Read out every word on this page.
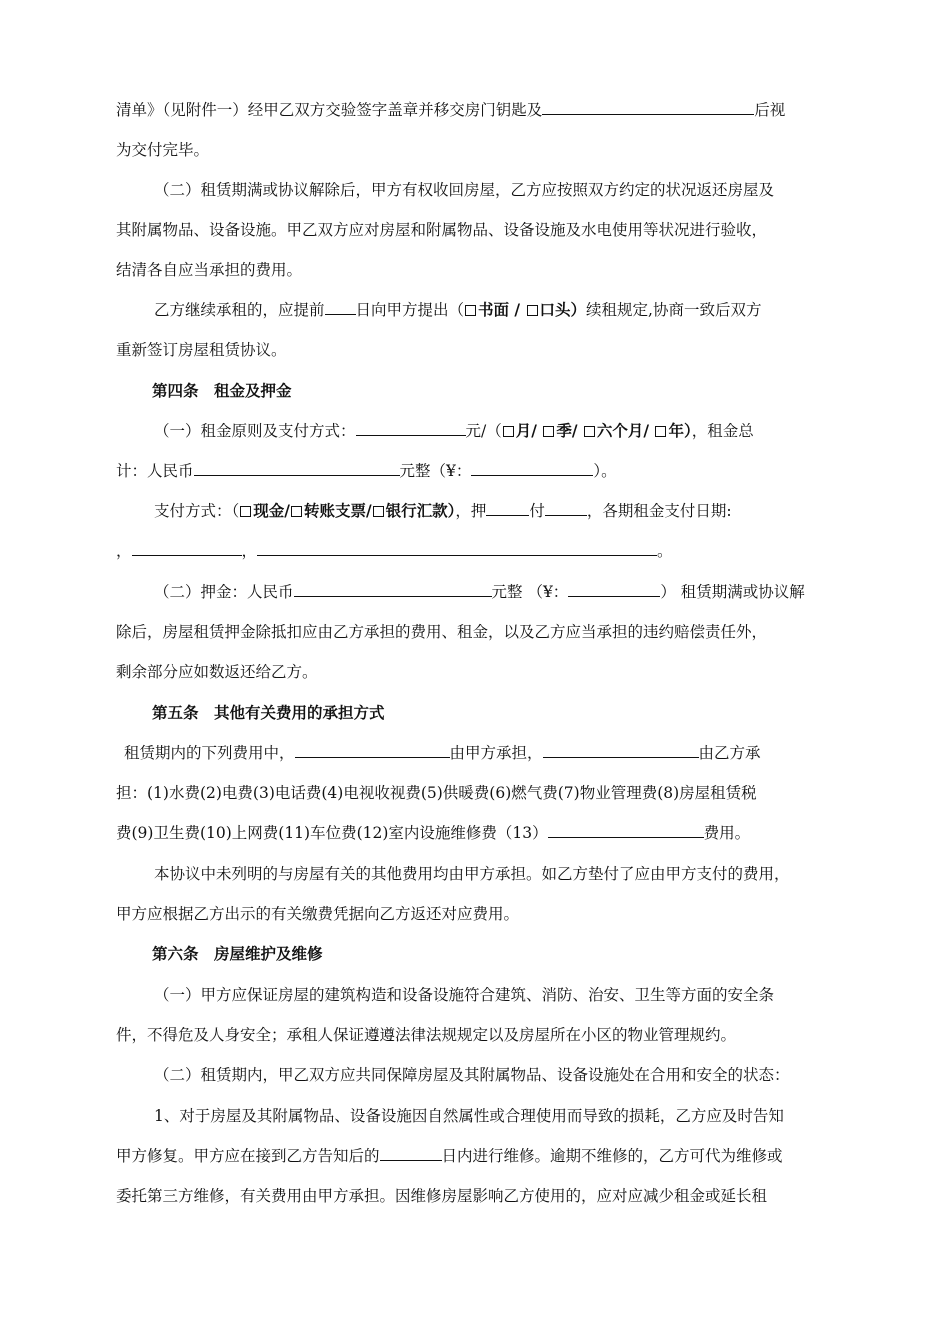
清单》（见附件一）经甲乙双方交验签字盖章并移交房门钥匙及	后视
为交付完毕。
（二）租赁期满或协议解除后，甲方有权收回房屋，乙方应按照双方约定的状况返还房屋及
其附属物品、设备设施。甲乙双方应对房屋和附属物品、设备设施及水电使用等状况进行验收，
结清各自应当承担的费用。
乙方继续承租的，应提前 日向甲方提出（ 书面 / 口头）续租规定,协商一致后双方
重新签订房屋租赁协议。
第四条　租金及押金
（一）租金原则及支付方式：	元/（ 月/ 季/ 六个月/ 年），租金总
计：人民币	元整（¥：	）。
支付方式：（ 现金/ 转账支票/ 银行汇款），押	付	，各期租金支付日期:
，	，	。
（二）押金：人民币	元整 （¥：	） 租赁期满或协议解
除后，房屋租赁押金除抵扣应由乙方承担的费用、租金，以及乙方应当承担的违约赔偿责任外，
剩余部分应如数返还给乙方。
第五条　其他有关费用的承担方式
租赁期内的下列费用中，	由甲方承担，	由乙方承
担：(1)水费(2)电费(3)电话费(4)电视收视费(5)供暖费(6)燃气费(7)物业管理费(8)房屋租赁税
费(9)卫生费(10)上网费(11)车位费(12)室内设施维修费（13）	费用。
本协议中未列明的与房屋有关的其他费用均由甲方承担。如乙方垫付了应由甲方支付的费用，
甲方应根据乙方出示的有关缴费凭据向乙方返还对应费用。
第六条　房屋维护及维修
（一）甲方应保证房屋的建筑构造和设备设施符合建筑、消防、治安、卫生等方面的安全条
件，不得危及人身安全；承租人保证遵遵法律法规规定以及房屋所在小区的物业管理规约。
（二）租赁期内，甲乙双方应共同保障房屋及其附属物品、设备设施处在合用和安全的状态：
1、对于房屋及其附属物品、设备设施因自然属性或合理使用而导致的损耗，乙方应及时告知
甲方修复。甲方应在接到乙方告知后的	日内进行维修。逾期不维修的，乙方可代为维修或
委托第三方维修，有关费用由甲方承担。因维修房屋影响乙方使用的，应对应减少租金或延长租
